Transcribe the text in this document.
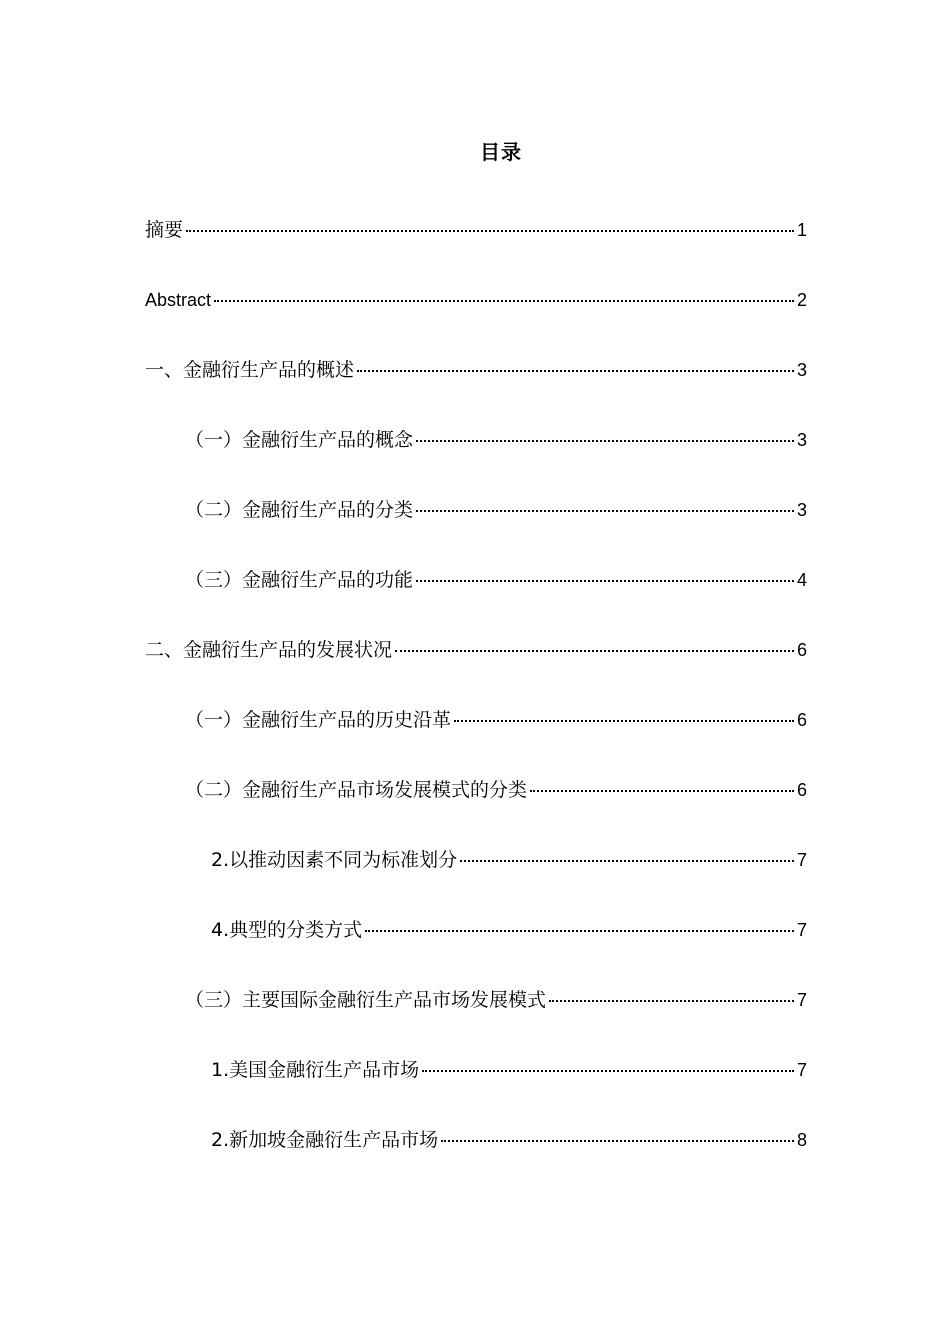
目录
摘要	1
Abstract	2
一、金融衍生产品的概述	3
（一）金融衍生产品的概念	3
（二）金融衍生产品的分类	3
（三）金融衍生产品的功能	4
二、金融衍生产品的发展状况	6
（一）金融衍生产品的历史沿革	6
（二）金融衍生产品市场发展模式的分类	6
2.以推动因素不同为标准划分	7
4.典型的分类方式	7
（三）主要国际金融衍生产品市场发展模式	7
1.美国金融衍生产品市场	7
2.新加坡金融衍生产品市场	8
